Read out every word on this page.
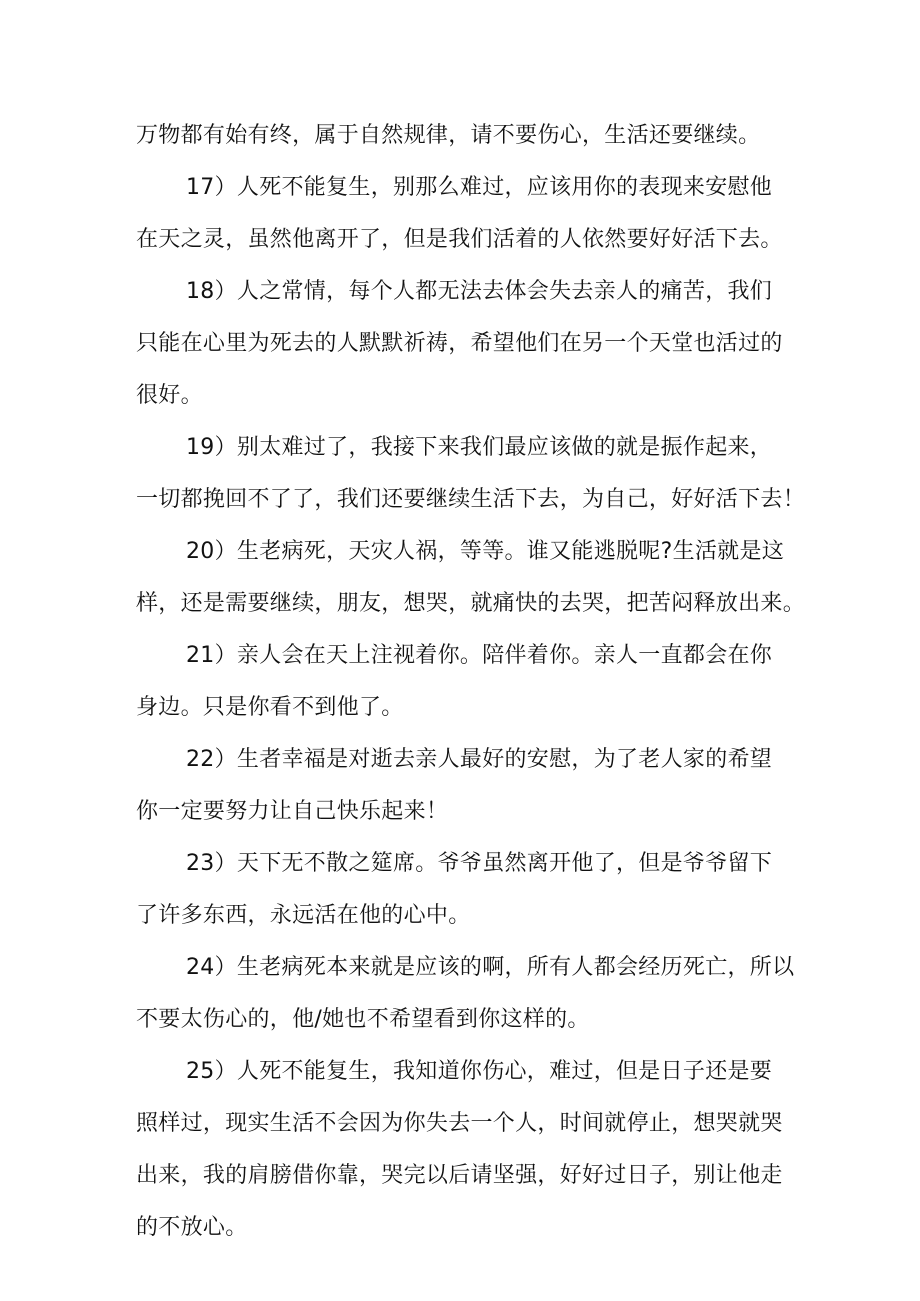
万物都有始有终，属于自然规律，请不要伤心，生活还要继续。
17）人死不能复生，别那么难过，应该用你的表现来安慰他
在天之灵，虽然他离开了，但是我们活着的人依然要好好活下去。
18）人之常情，每个人都无法去体会失去亲人的痛苦，我们
只能在心里为死去的人默默祈祷，希望他们在另一个天堂也活过的
很好。
19）别太难过了，我接下来我们最应该做的就是振作起来，
一切都挽回不了了，我们还要继续生活下去，为自己，好好活下去！
20）生老病死，天灾人祸，等等。谁又能逃脱呢?生活就是这
样，还是需要继续，朋友，想哭，就痛快的去哭，把苦闷释放出来。
21）亲人会在天上注视着你。陪伴着你。亲人一直都会在你
身边。只是你看不到他了。
22）生者幸福是对逝去亲人最好的安慰，为了老人家的希望
你一定要努力让自己快乐起来！
23）天下无不散之筵席。爷爷虽然离开他了，但是爷爷留下
了许多东西，永远活在他的心中。
24）生老病死本来就是应该的啊，所有人都会经历死亡，所以
不要太伤心的，他/她也不希望看到你这样的。
25）人死不能复生，我知道你伤心，难过，但是日子还是要
照样过，现实生活不会因为你失去一个人，时间就停止，想哭就哭
出来，我的肩膀借你靠，哭完以后请坚强，好好过日子，别让他走
的不放心。
